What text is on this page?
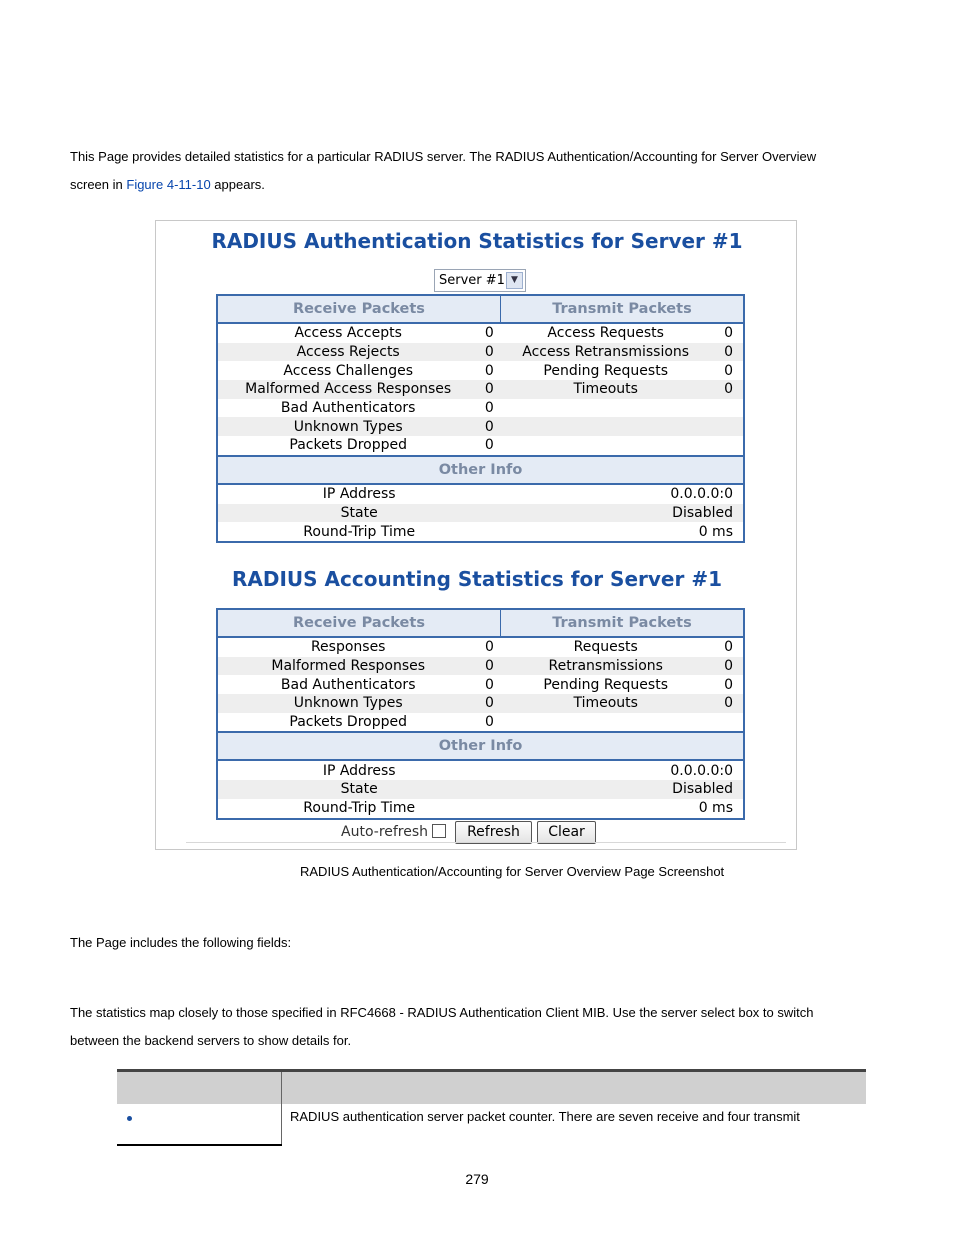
This Page provides detailed statistics for a particular RADIUS server. The RADIUS Authentication/Accounting for Server Overview
screen in Figure 4-11-10 appears.
RADIUS Authentication Statistics for Server #1
Server #1 ▼
Receive Packets		Transmit Packets	
Access Accepts	0	Access Requests	0
Access Rejects	0	Access Retransmissions	0
Access Challenges	0	Pending Requests	0
Malformed Access Responses	0	Timeouts	0
Bad Authenticators	0		
Unknown Types	0		
Packets Dropped	0		
Other Info			
IP Address		0.0.0.0:0	
State		Disabled	
Round-Trip Time		0 ms	
RADIUS Accounting Statistics for Server #1
Receive Packets		Transmit Packets	
Responses	0	Requests	0
Malformed Responses	0	Retransmissions	0
Bad Authenticators	0	Pending Requests	0
Unknown Types	0	Timeouts	0
Packets Dropped	0		
Other Info			
IP Address		0.0.0.0:0	
State		Disabled	
Round-Trip Time		0 ms	
Auto-refresh	Refresh	Clear
RADIUS Authentication/Accounting for Server Overview Page Screenshot
The Page includes the following fields:
The statistics map closely to those specified in RFC4668 - RADIUS Authentication Client MIB. Use the server select box to switch
between the backend servers to show details for.

	RADIUS authentication server packet counter. There are seven receive and four transmit
279
